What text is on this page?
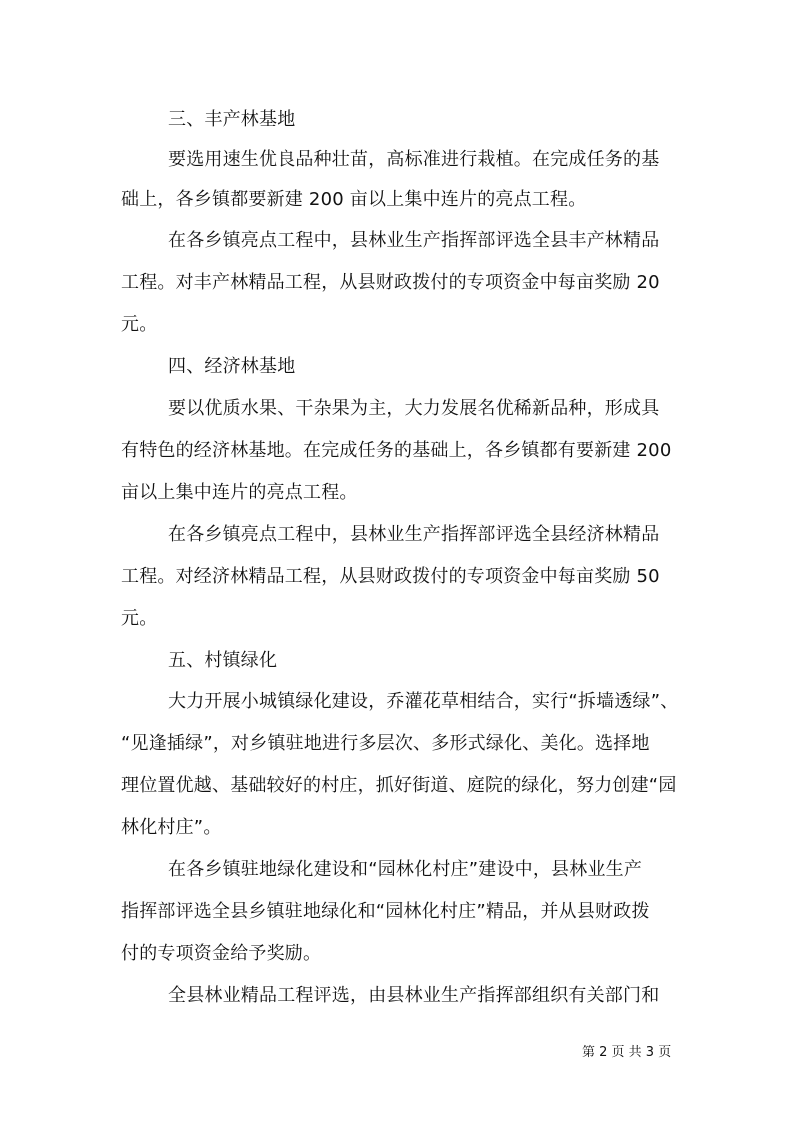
三、丰产林基地
要选用速生优良品种壮苗，高标准进行栽植。在完成任务的基
础上，各乡镇都要新建 200 亩以上集中连片的亮点工程。
在各乡镇亮点工程中，县林业生产指挥部评选全县丰产林精品
工程。对丰产林精品工程，从县财政拨付的专项资金中每亩奖励 20
元。
四、经济林基地
要以优质水果、干杂果为主，大力发展名优稀新品种，形成具
有特色的经济林基地。在完成任务的基础上，各乡镇都有要新建 200
亩以上集中连片的亮点工程。
在各乡镇亮点工程中，县林业生产指挥部评选全县经济林精品
工程。对经济林精品工程，从县财政拨付的专项资金中每亩奖励 50
元。
五、村镇绿化
大力开展小城镇绿化建设，乔灌花草相结合，实行“拆墙透绿”、
“见逢插绿”，对乡镇驻地进行多层次、多形式绿化、美化。选择地
理位置优越、基础较好的村庄，抓好街道、庭院的绿化，努力创建“园
林化村庄”。
在各乡镇驻地绿化建设和“园林化村庄”建设中，县林业生产
指挥部评选全县乡镇驻地绿化和“园林化村庄”精品，并从县财政拨
付的专项资金给予奖励。
全县林业精品工程评选，由县林业生产指挥部组织有关部门和
第 2 页 共 3 页
